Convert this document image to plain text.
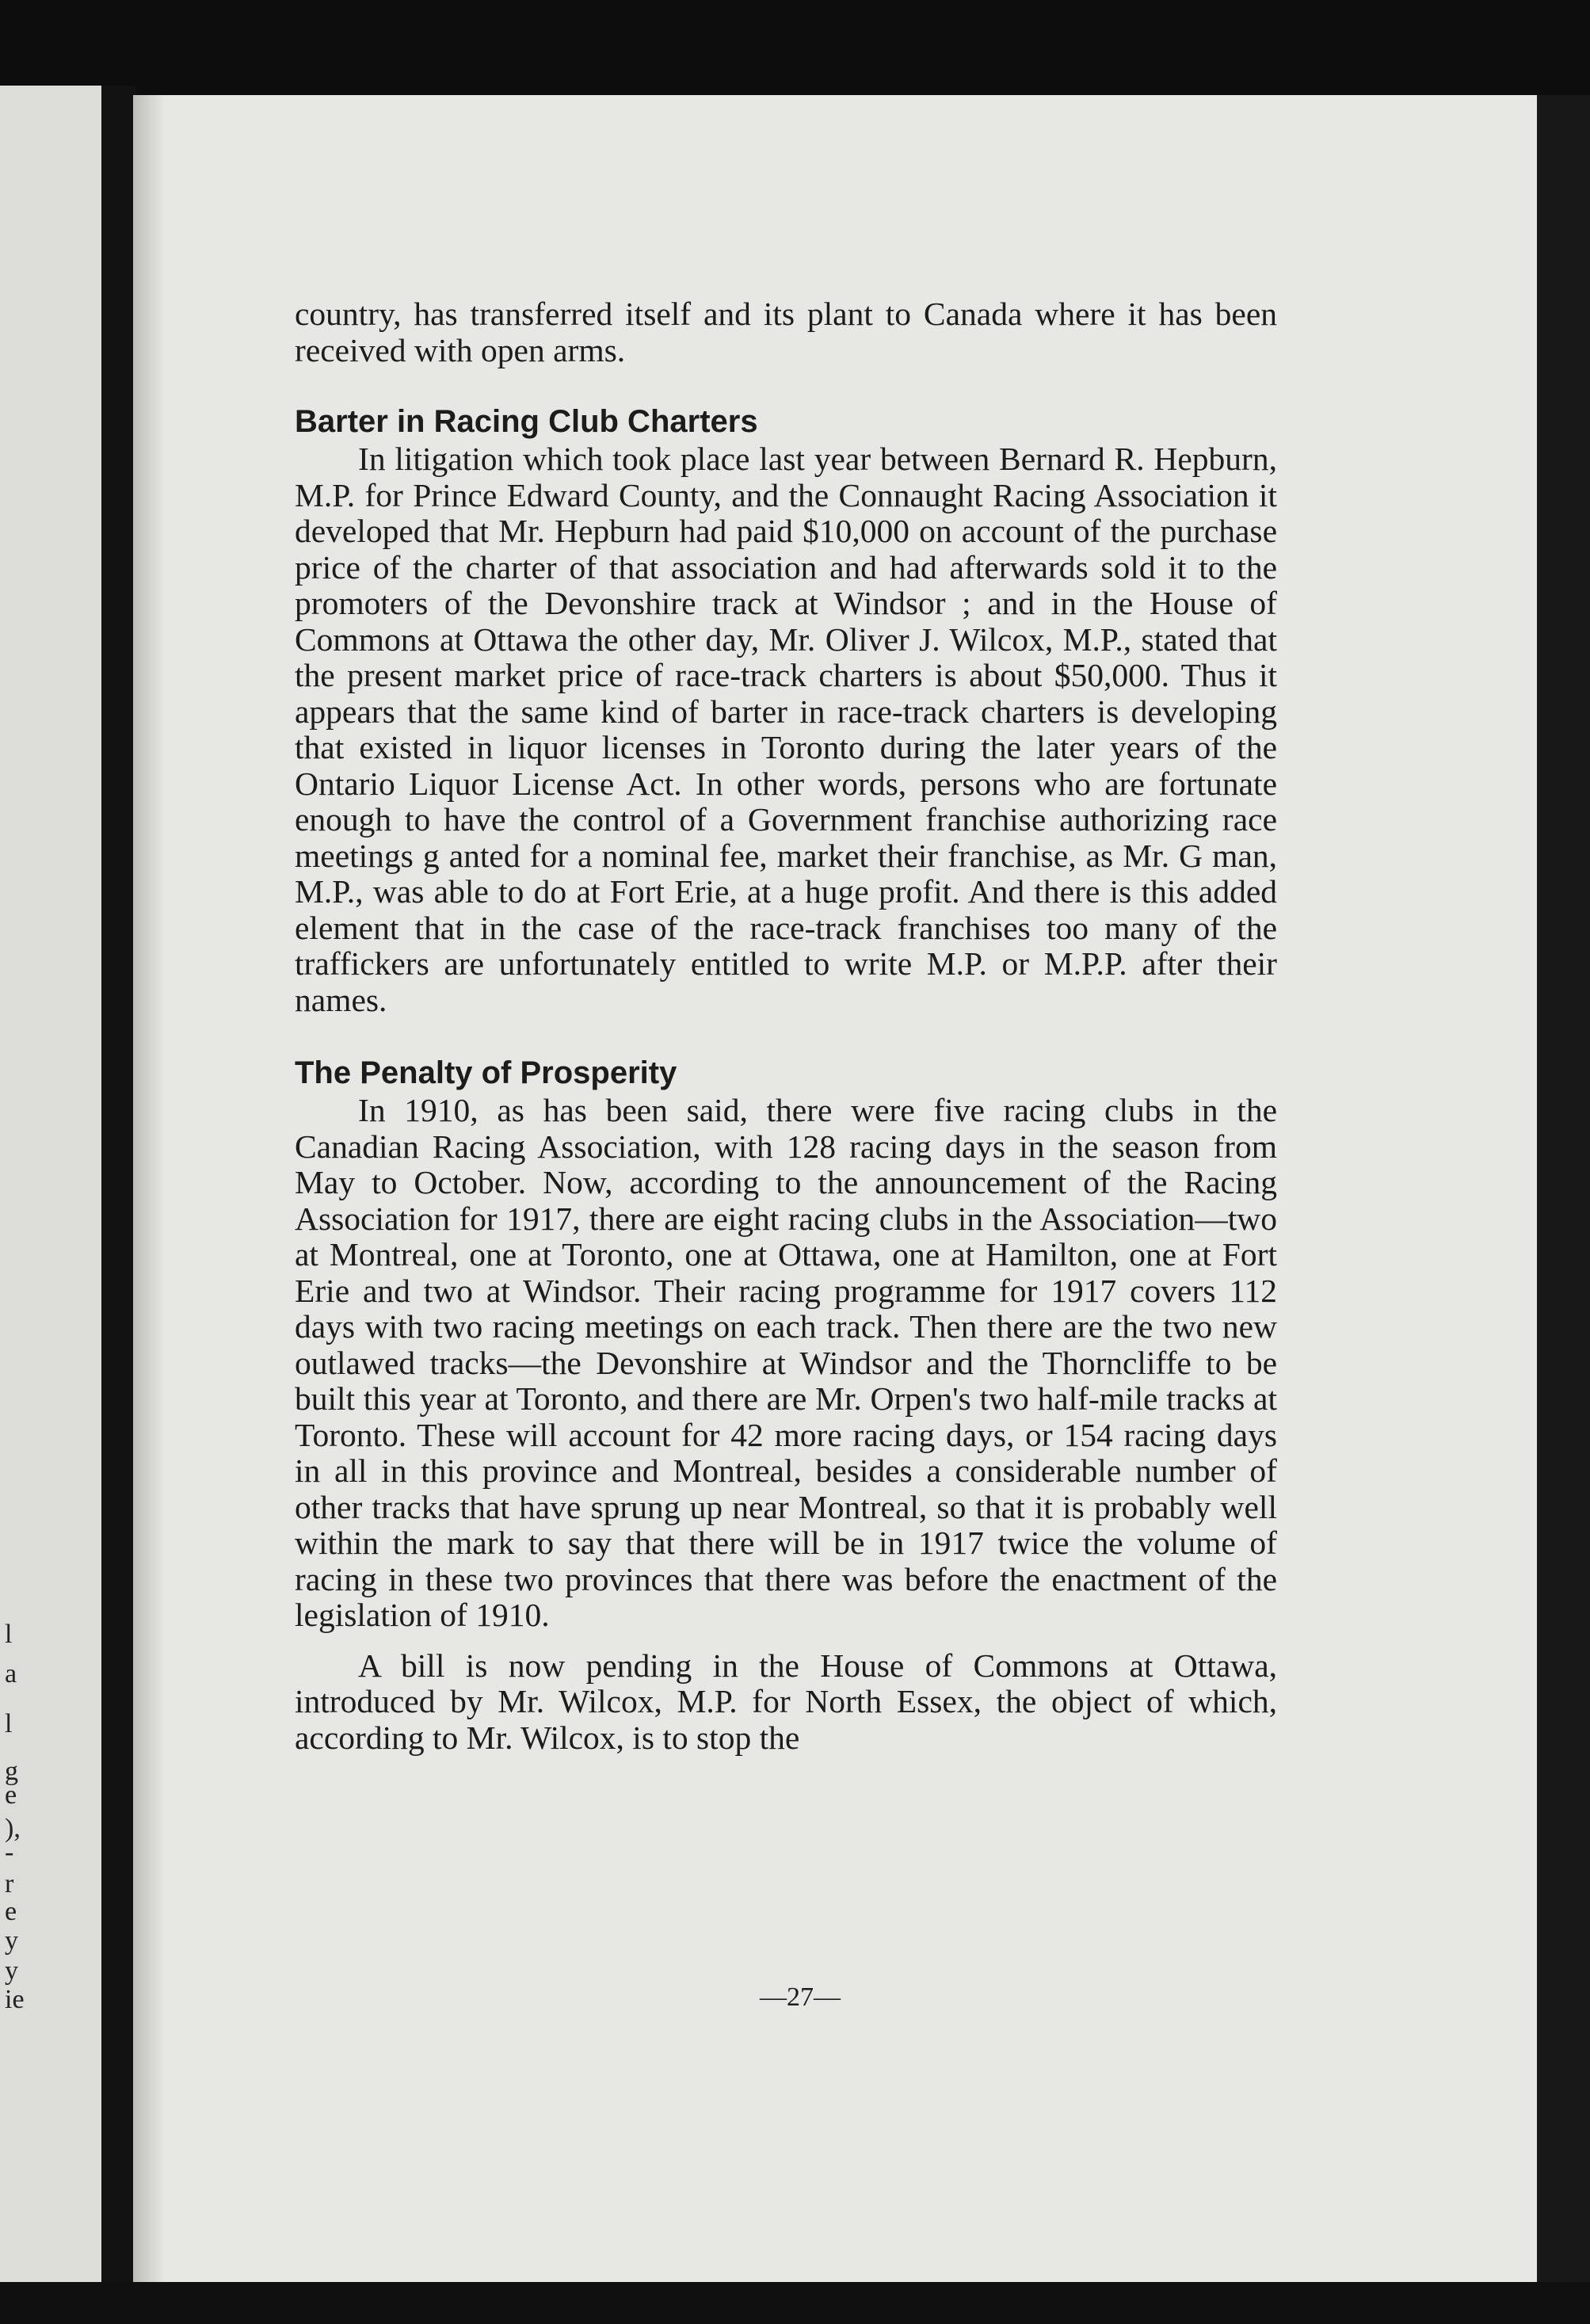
l

a

l

g

e

),

-

r

e

y

y

ie

country, has transferred itself and its plant to Canada where it has been received with open arms.

Barter in Racing Club Charters

In litigation which took place last year between Bernard R. Hepburn, M.P. for Prince Edward County, and the Connaught Racing Association it developed that Mr. Hepburn had paid $10,000 on account of the purchase price of the charter of that association and had afterwards sold it to the promoters of the Devonshire track at Windsor ; and in the House of Commons at Ottawa the other day, Mr. Oliver J. Wilcox, M.P., stated that the present market price of race-track charters is about $50,000. Thus it appears that the same kind of barter in race-track charters is developing that existed in liquor licenses in Toronto during the later years of the Ontario Liquor License Act. In other words, persons who are fortunate enough to have the control of a Government franchise authorizing race meetings g anted for a nominal fee, market their franchise, as Mr. G man, M.P., was able to do at Fort Erie, at a huge profit. And there is this added element that in the case of the race-track franchises too many of the traffickers are unfortunately entitled to write M.P. or M.P.P. after their names.

The Penalty of Prosperity

In 1910, as has been said, there were five racing clubs in the Canadian Racing Association, with 128 racing days in the season from May to October. Now, according to the announcement of the Racing Association for 1917, there are eight racing clubs in the Association—two at Montreal, one at Toronto, one at Ottawa, one at Hamilton, one at Fort Erie and two at Windsor. Their racing programme for 1917 covers 112 days with two racing meetings on each track. Then there are the two new outlawed tracks—the Devonshire at Windsor and the Thorncliffe to be built this year at Toronto, and there are Mr. Orpen's two half-mile tracks at Toronto. These will account for 42 more racing days, or 154 racing days in all in this province and Montreal, besides a considerable number of other tracks that have sprung up near Montreal, so that it is probably well within the mark to say that there will be in 1917 twice the volume of racing in these two provinces that there was before the enactment of the legislation of 1910.

A bill is now pending in the House of Commons at Ottawa, introduced by Mr. Wilcox, M.P. for North Essex, the object of which, according to Mr. Wilcox, is to stop the

—27—
